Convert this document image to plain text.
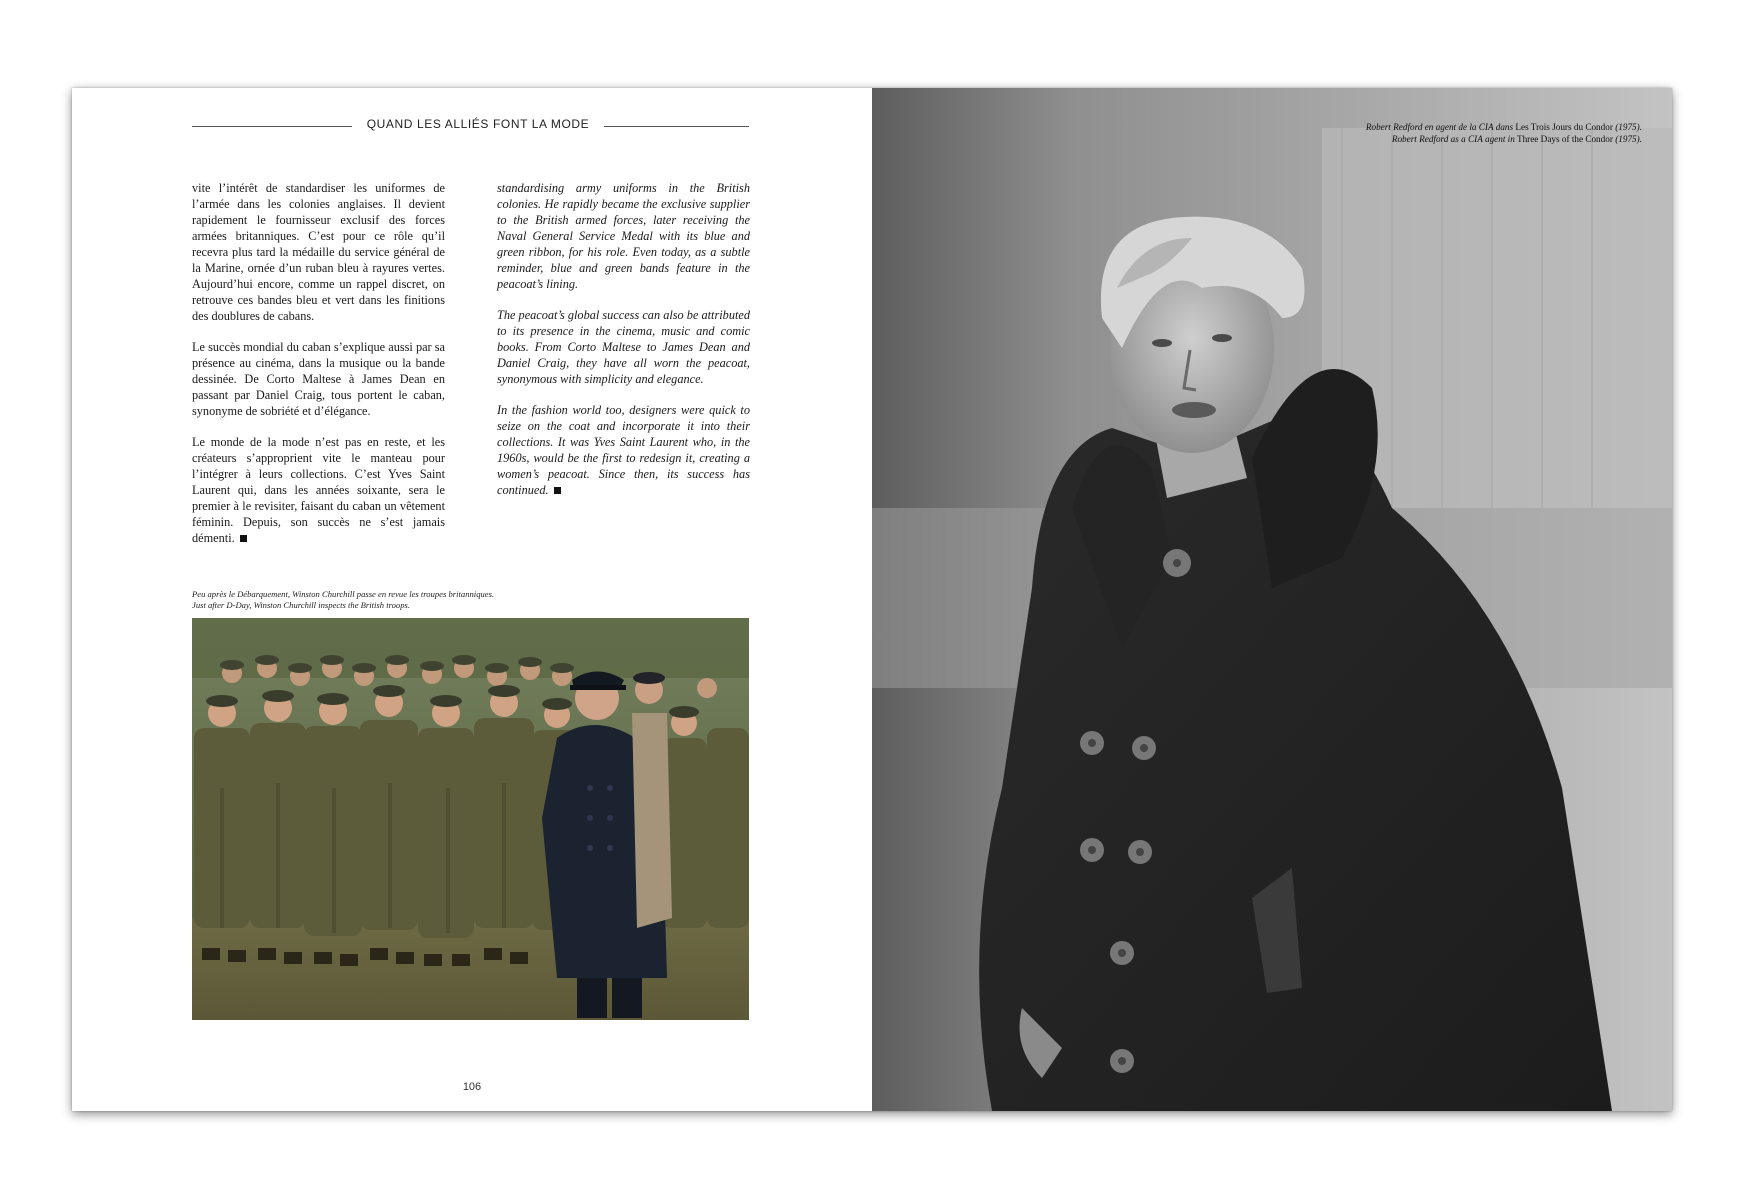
QUAND LES ALLIÉS FONT LA MODE

vite l’intérêt de standardiser les uniformes de l’armée dans les colonies anglaises. Il devient rapidement le fournisseur exclusif des forces armées britanniques. C’est pour ce rôle qu’il recevra plus tard la médaille du service général de la Marine, ornée d’un ruban bleu à rayures vertes. Aujourd’hui encore, comme un rappel discret, on retrouve ces bandes bleu et vert dans les finitions des doublures de cabans.

Le succès mondial du caban s’explique aussi par sa présence au cinéma, dans la musique ou la bande dessinée. De Corto Maltese à James Dean en passant par Daniel Craig, tous portent le caban, synonyme de sobriété et d’élégance.

Le monde de la mode n’est pas en reste, et les créateurs s’approprient vite le manteau pour l’intégrer à leurs collections. C’est Yves Saint Laurent qui, dans les années soixante, sera le premier à le revisiter, faisant du caban un vêtement féminin. Depuis, son succès ne s’est jamais démenti.

standardising army uniforms in the British colonies. He rapidly became the exclusive supplier to the British armed forces, later receiving the Naval General Service Medal with its blue and green ribbon, for his role. Even today, as a subtle reminder, blue and green bands feature in the peacoat’s lining.

The peacoat’s global success can also be attributed to its presence in the cinema, music and comic books. From Corto Maltese to James Dean and Daniel Craig, they have all worn the peacoat, synonymous with simplicity and elegance.

In the fashion world too, designers were quick to seize on the coat and incorporate it into their collections. It was Yves Saint Laurent who, in the 1960s, would be the first to redesign it, creating a women’s peacoat. Since then, its success has continued.

Peu après le Débarquement, Winston Churchill passe en revue les troupes britanniques.
Just after D-Day, Winston Churchill inspects the British troops.
106
Robert Redford en agent de la CIA dans Les Trois Jours du Condor (1975).
Robert Redford as a CIA agent in Three Days of the Condor (1975).
